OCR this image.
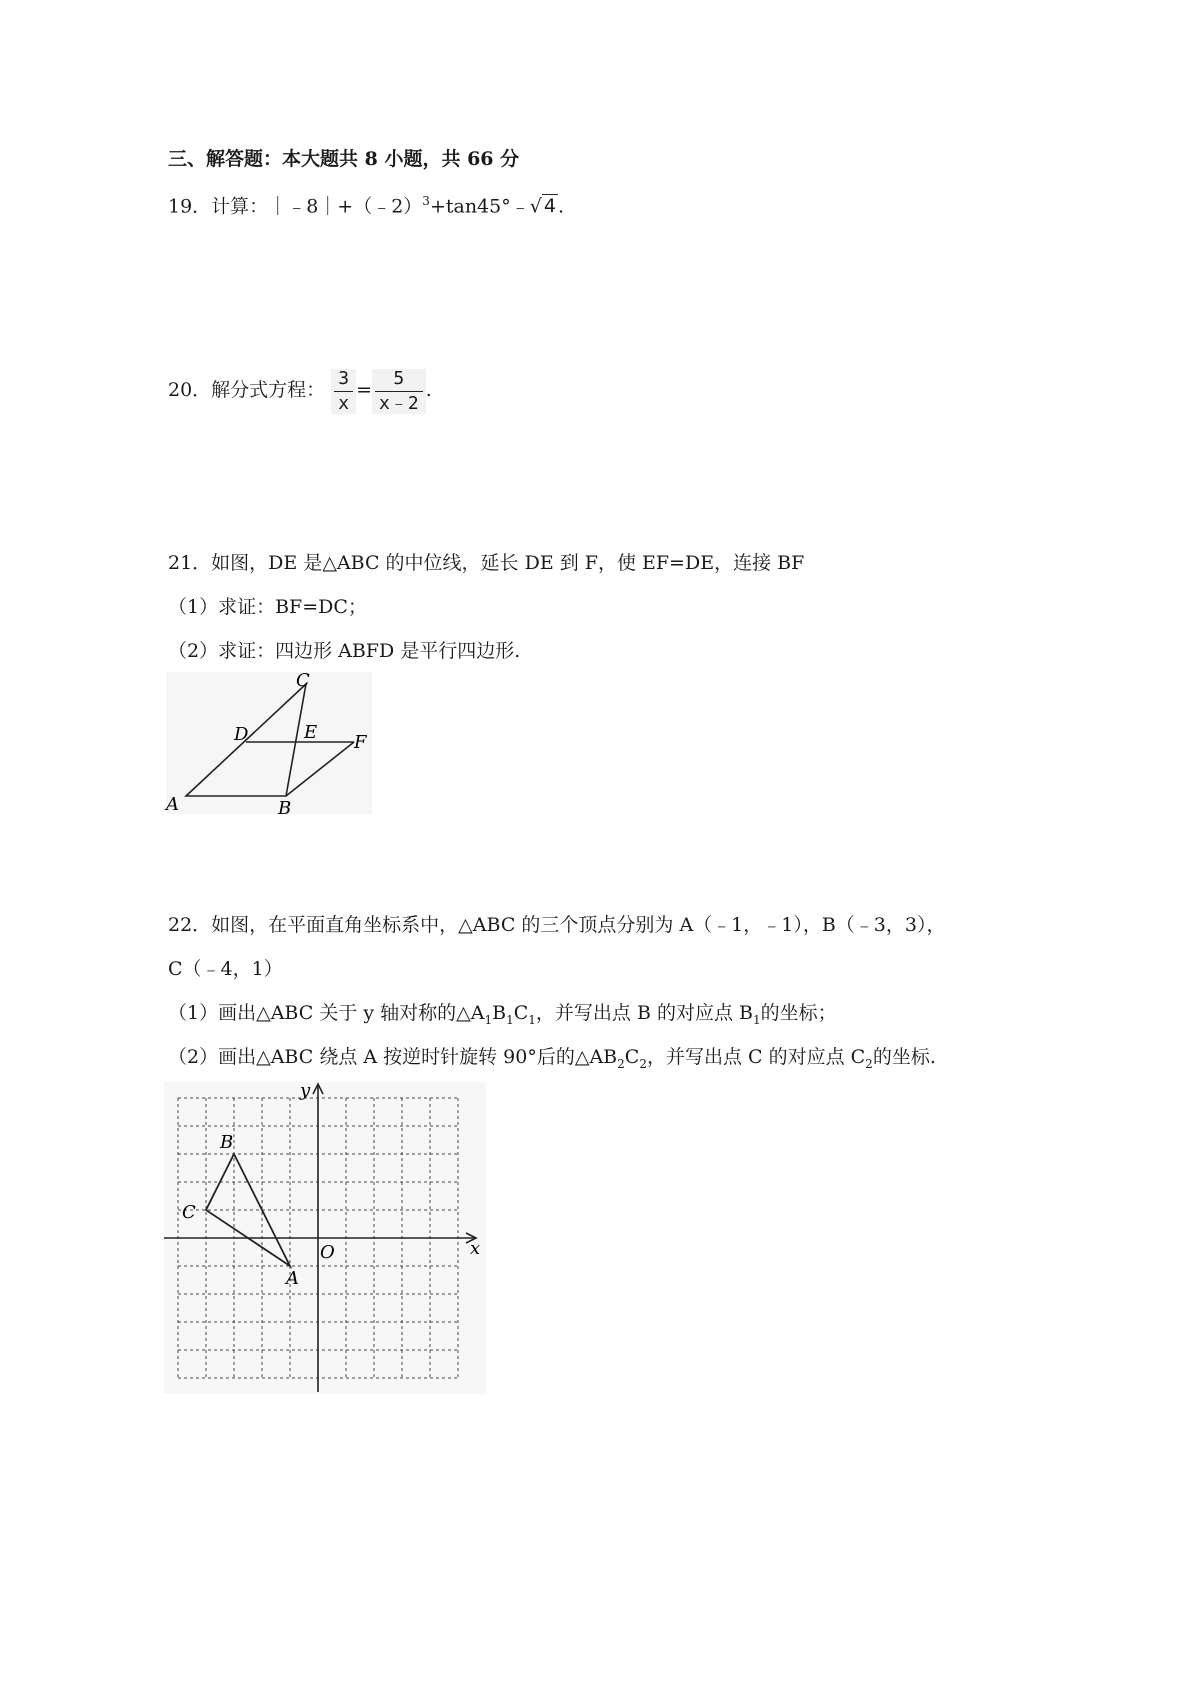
三、解答题：本大题共 8 小题，共 66 分
19．计算：｜﹣8｜+（﹣2）$^3$+tan45°﹣√ 4 .
20．解分式方程： $\frac{3}{x} = \frac{5}{x﹣2}$ .
21．如图，DE 是△ABC 的中位线，延长 DE 到 F，使 EF=DE，连接 BF
（1）求证：BF=DC；
（2）求证：四边形 ABFD 是平行四边形.
A	B
C
D	E F
22．如图，在平面直角坐标系中，△ABC 的三个顶点分别为 A（﹣1，﹣1），B（﹣3，3），
C（﹣4，1）
（1）画出△ABC 关于 y 轴对称的$\triangle A_1B_1C_1$，并写出点 B 的对应点 $B_1$的坐标；
（2）画出△ABC 绕点 A 按逆时针旋转 90°后的$\triangle AB_2C_2$，并写出点 C 的对应点 $C_2$的坐标.
A
B
C
x
y
O
